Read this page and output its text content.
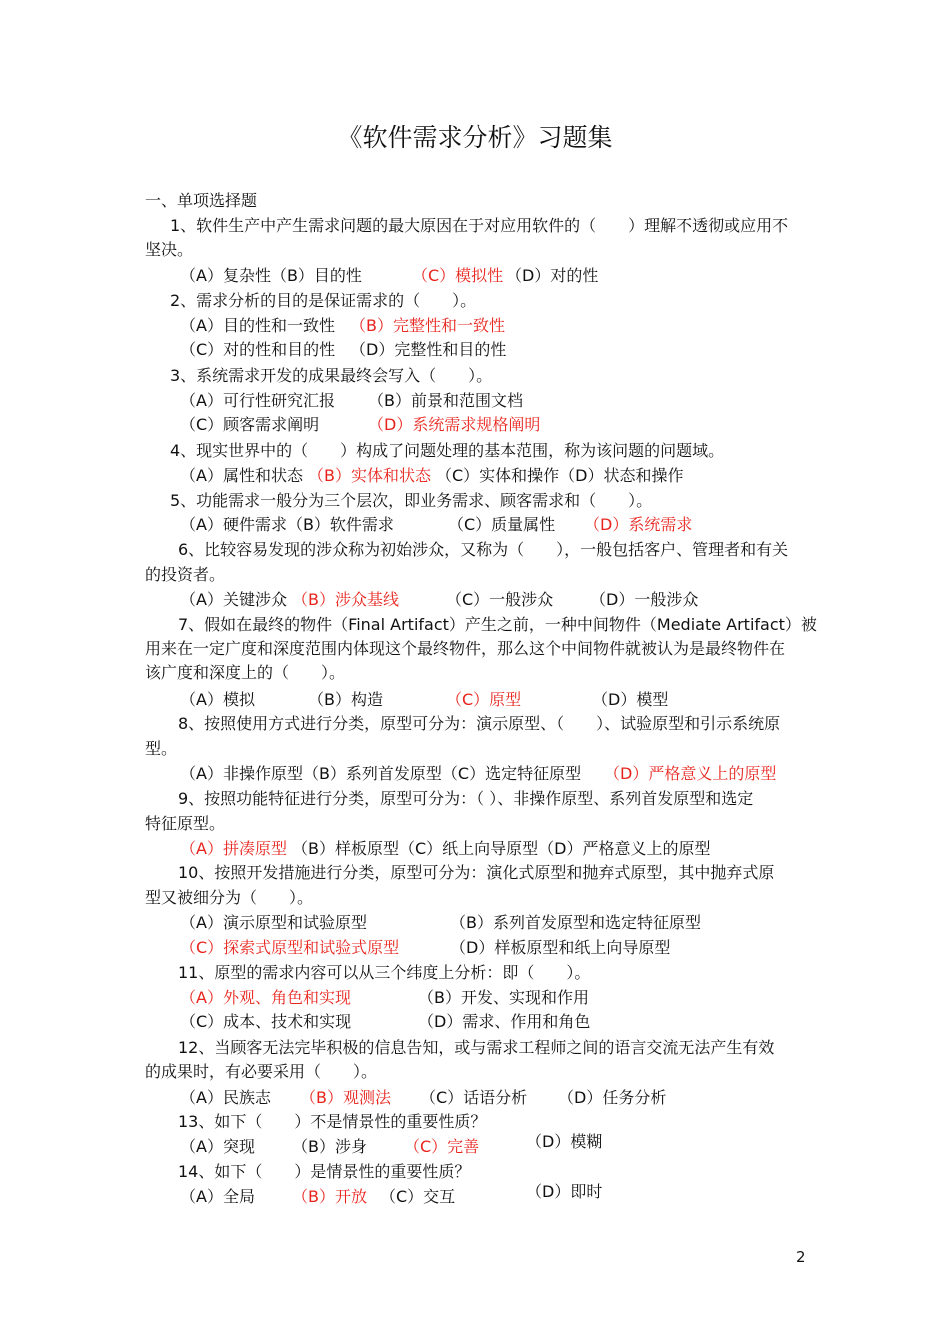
《软件需求分析》习题集
一、单项选择题
1、软件生产中产生需求问题的最大原因在于对应用软件的（　　）理解不透彻或应用不
坚决。
（A）复杂性（B）目的性	（C）模拟性 （D）对的性
2、需求分析的目的是保证需求的（　　）。
（A）目的性和一致性 （B）完整性和一致性
（C）对的性和目的性 （D）完整性和目的性
3、系统需求开发的成果最终会写入（　　）。
（A）可行性研究汇报 （B）前景和范围文档
（C）顾客需求阐明	（D）系统需求规格阐明
4、现实世界中的（　　）构成了问题处理的基本范围，称为该问题的问题域。
（A）属性和状态 （B）实体和状态 （C）实体和操作（D）状态和操作
5、功能需求一般分为三个层次，即业务需求、顾客需求和（　　）。
（A）硬件需求（B）软件需求	（C）质量属性 （D）系统需求
6、比较容易发现的涉众称为初始涉众，又称为（　　），一般包括客户、管理者和有关
的投资者。
（A）关键涉众 （B）涉众基线	（C）一般涉众 （D）一般涉众
7、假如在最终的物件（Final Artifact）产生之前，一种中间物件（Mediate Artifact）被
用来在一定广度和深度范围内体现这个最终物件，那么这个中间物件就被认为是最终物件在
该广度和深度上的（　　）。
（A）模拟	（B）构造	（C）原型	（D）模型
8、按照使用方式进行分类，原型可分为：演示原型、（　　）、试验原型和引示系统原
型。
（A）非操作原型（B）系列首发原型（C）选定特征原型 （D）严格意义上的原型
9、按照功能特征进行分类，原型可分为：（ ）、非操作原型、系列首发原型和选定
特征原型。
（A）拼凑原型 （B）样板原型（C）纸上向导原型（D）严格意义上的原型
10、按照开发措施进行分类，原型可分为：演化式原型和抛弃式原型，其中抛弃式原
型又被细分为（　　）。
（A）演示原型和试验原型	（B）系列首发原型和选定特征原型
（C）探索式原型和试验式原型	（D）样板原型和纸上向导原型
11、原型的需求内容可以从三个纬度上分析：即（　　）。
（A）外观、角色和实现	（B）开发、实现和作用
（C）成本、技术和实现	（D）需求、作用和角色
12、当顾客无法完毕积极的信息告知，或与需求工程师之间的语言交流无法产生有效
的成果时，有必要采用（　　）。
（A）民族志 （B）观测法 （C）话语分析 （D）任务分析
13、如下（　　）不是情景性的重要性质？
（A）突现 （B）涉身 （C）完善	（D）模糊
14、如下（　　）是情景性的重要性质？
（A）全局 （B）开放 （C）交互	（D）即时
2
